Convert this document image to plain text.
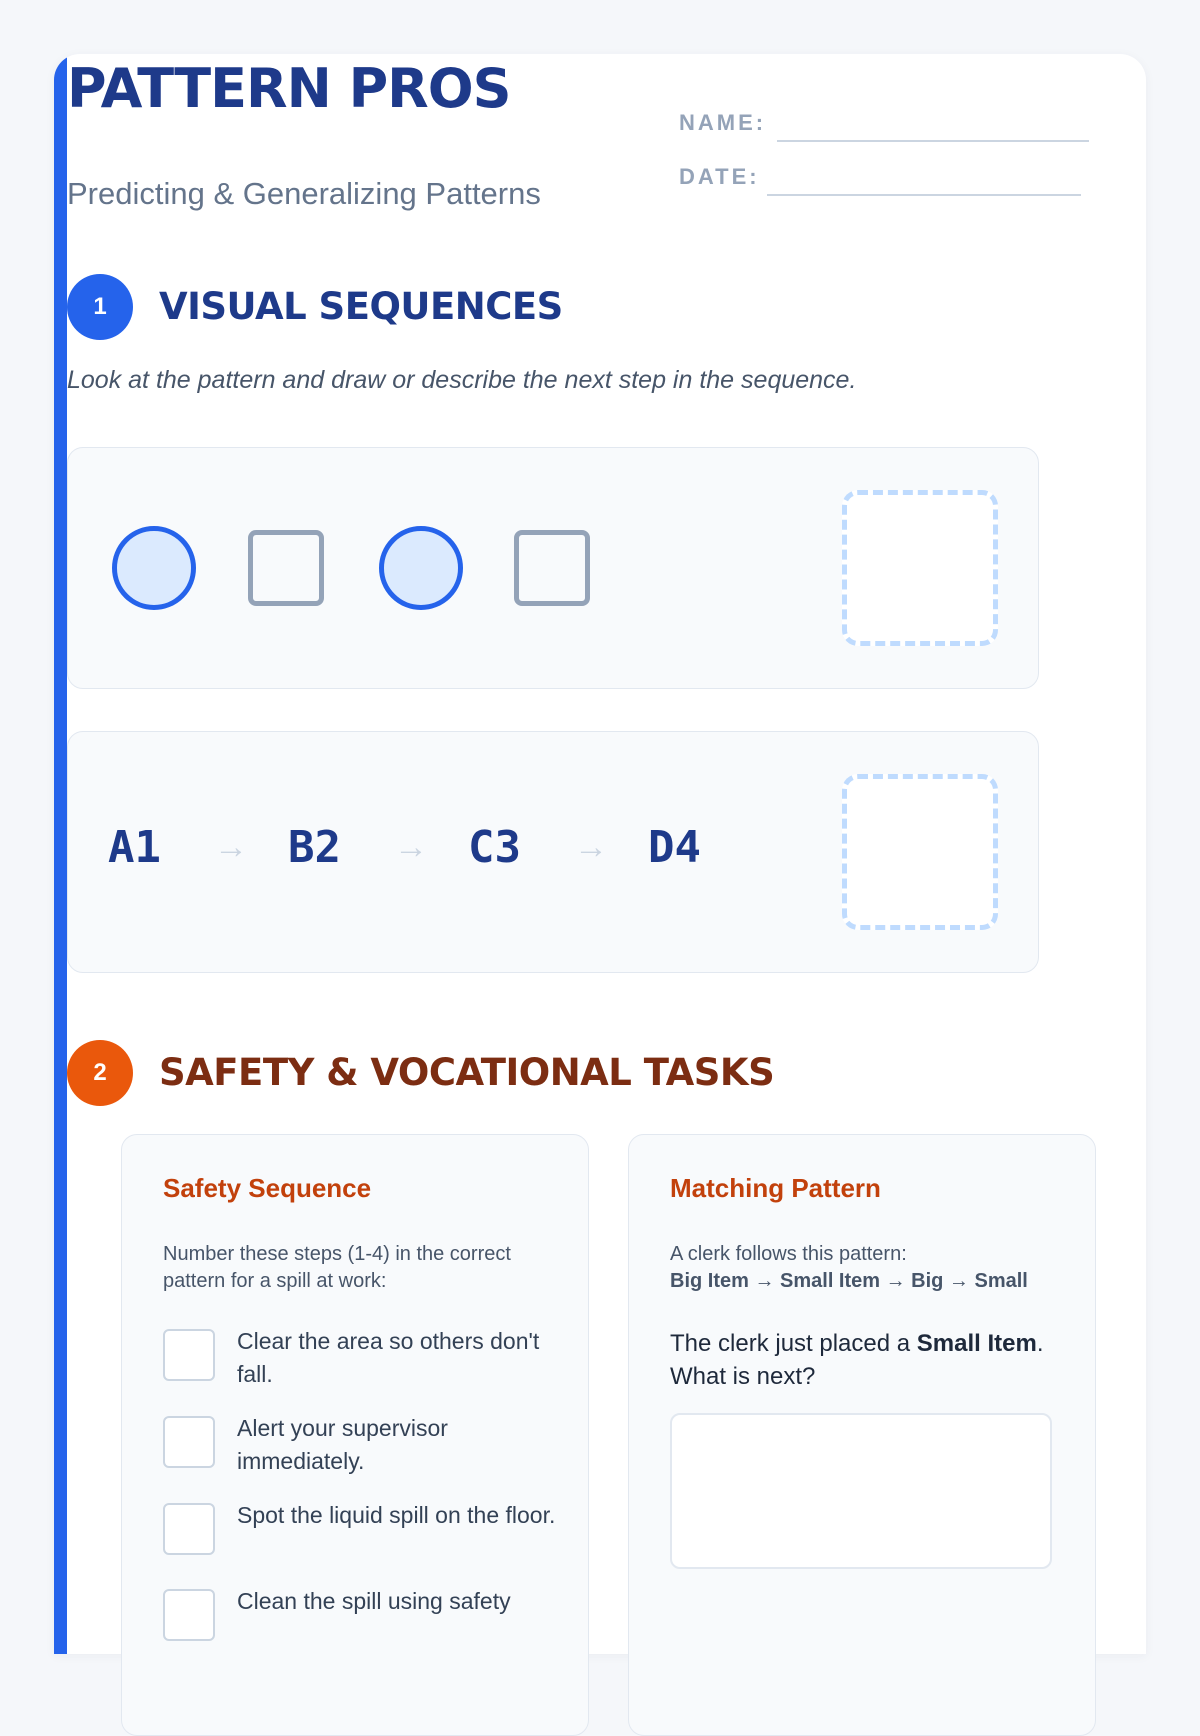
PATTERN PROS
Predicting & Generalizing Patterns
NAME:
DATE:
1	VISUAL SEQUENCES
Look at the pattern and draw or describe the next step in the sequence.
A1 → B2 → C3 → D4
2	SAFETY & VOCATIONAL TASKS
Safety Sequence
Number these steps (1-4) in the correct pattern for a spill at work:
Clear the area so others don't fall.
Alert your supervisor immediately.
Spot the liquid spill on the floor.
Clean the spill using safety
Matching Pattern
A clerk follows this pattern:
Big Item → Small Item → Big → Small
The clerk just placed a Small Item. What is next?
